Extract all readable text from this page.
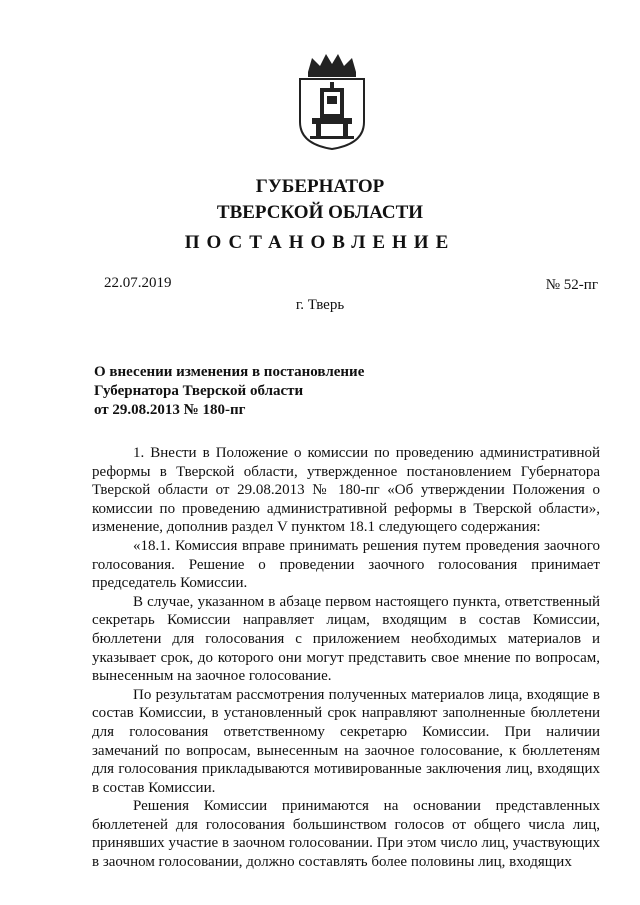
ГУБЕРНАТОР
ТВЕРСКОЙ ОБЛАСТИ
ПОСТАНОВЛЕНИЕ
22.07.2019	№ 52-пг
г. Тверь
О внесении изменения в постановление
Губернатора Тверской области
от 29.08.2013 № 180-пг

1. Внести в Положение о комиссии по проведению административной реформы в Тверской области, утвержденное постановлением Губернатора Тверской области от 29.08.2013 № 180-пг «Об утверждении Положения о комиссии по проведению административной реформы в Тверской области», изменение, дополнив раздел V пунктом 18.1 следующего содержания:

«18.1. Комиссия вправе принимать решения путем проведения заочного голосования. Решение о проведении заочного голосования принимает председатель Комиссии.

В случае, указанном в абзаце первом настоящего пункта, ответственный секретарь Комиссии направляет лицам, входящим в состав Комиссии, бюллетени для голосования с приложением необходимых материалов и указывает срок, до которого они могут представить свое мнение по вопросам, вынесенным на заочное голосование.

По результатам рассмотрения полученных материалов лица, входящие в состав Комиссии, в установленный срок направляют заполненные бюллетени для голосования ответственному секретарю Комиссии. При наличии замечаний по вопросам, вынесенным на заочное голосование, к бюллетеням для голосования прикладываются мотивированные заключения лиц, входящих в состав Комиссии.

Решения Комиссии принимаются на основании представленных бюллетеней для голосования большинством голосов от общего числа лиц, принявших участие в заочном голосовании. При этом число лиц, участвующих в заочном голосовании, должно составлять более половины лиц, входящих
